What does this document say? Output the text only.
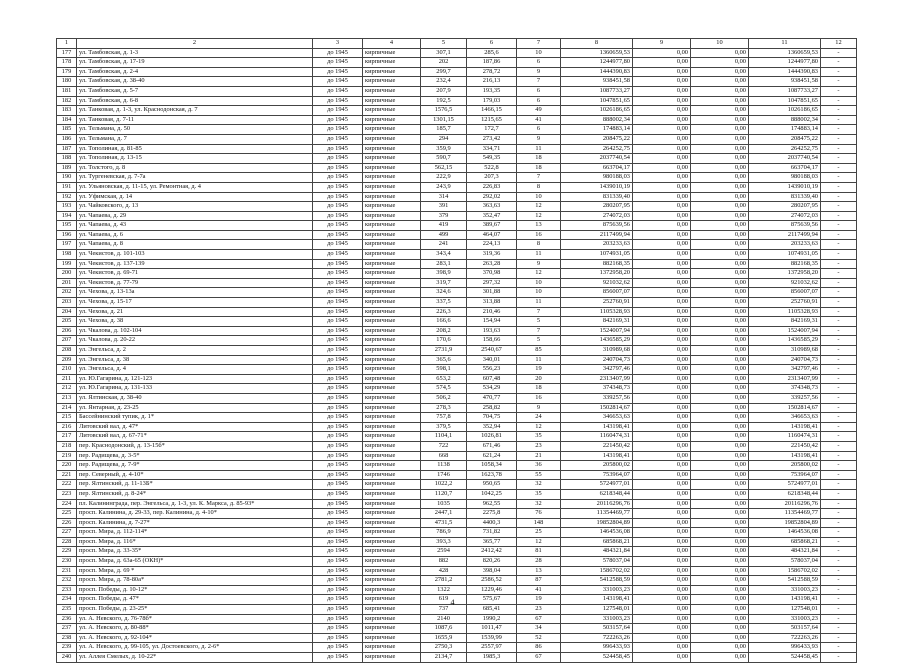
1	2	3	4	5	6	7	8	9	10	11	12
177	ул. Тамбовская, д. 1-3	до 1945	кирпичные	307,1	285,6	10	1360659,53	0,00	0,00	1360659,53	-
178	ул. Тамбовская, д. 17-19	до 1945	кирпичные	202	187,86	6	1244977,80	0,00	0,00	1244977,80	-
179	ул. Тамбовская, д. 2-4	до 1945	кирпичные	299,7	278,72	9	1444390,83	0,00	0,00	1444390,83	-
180	ул. Тамбовская, д. 38-40	до 1945	кирпичные	232,4	216,13	7	938451,58	0,00	0,00	938451,58	-
181	ул. Тамбовская, д. 5-7	до 1945	кирпичные	207,9	193,35	6	1087733,27	0,00	0,00	1087733,27	-
182	ул. Тамбовская, д. 6-8	до 1945	кирпичные	192,5	179,03	6	1047851,65	0,00	0,00	1047851,65	-
183	ул. Танковая, д. 1-3, ул. Краснодонская, д. 7	до 1945	кирпичные	1576,5	1466,15	49	1026186,65	0,00	0,00	1026186,65	-
184	ул. Танковая, д. 7-11	до 1945	кирпичные	1301,15	1215,65	41	888002,34	0,00	0,00	888002,34	-
185	ул. Тельмана, д. 50	до 1945	кирпичные	185,7	172,7	6	174883,14	0,00	0,00	174883,14	-
186	ул. Тельмана, д. 7	до 1945	кирпичные	294	273,42	9	208475,22	0,00	0,00	208475,22	-
187	ул. Тополиная, д. 81-85	до 1945	кирпичные	359,9	334,71	11	264252,75	0,00	0,00	264252,75	-
188	ул. Тополиная, д. 13-15	до 1945	кирпичные	590,7	549,35	18	2037740,54	0,00	0,00	2037740,54	-
189	ул. Толстого, д. 8	до 1945	кирпичные	562,15	522,8	18	663704,17	0,00	0,00	663704,17	-
190	ул. Тургеневская, д. 7-7а	до 1945	кирпичные	222,9	207,3	7	980188,03	0,00	0,00	980188,03	-
191	ул. Ульяновская, д. 11-15, ул. Ремонтная, д. 4	до 1945	кирпичные	243,9	226,83	8	1439010,19	0,00	0,00	1439010,19	-
192	ул. Уфимская, д. 14	до 1945	кирпичные	314	292,02	10	831339,40	0,00	0,00	831339,40	-
193	ул. Чайковского, д. 13	до 1945	кирпичные	391	363,63	12	280207,95	0,00	0,00	280207,95	-
194	ул. Чапаева, д. 29	до 1945	кирпичные	379	352,47	12	274072,03	0,00	0,00	274072,03	-
195	ул. Чапаева, д. 43	до 1945	кирпичные	419	389,67	13	875639,56	0,00	0,00	875639,56	-
196	ул. Чапаева, д. 6	до 1945	кирпичные	499	464,07	16	2117499,94	0,00	0,00	2117499,94	-
197	ул. Чапаева, д. 8	до 1945	кирпичные	241	224,13	8	203233,63	0,00	0,00	203233,63	-
198	ул. Чекистов, д. 101-103	до 1945	кирпичные	343,4	319,36	11	1074931,05	0,00	0,00	1074931,05	-
199	ул. Чекистов, д. 137-139	до 1945	кирпичные	283,1	263,28	9	882168,35	0,00	0,00	882168,35	-
200	ул. Чекистов, д. 69-71	до 1945	кирпичные	398,9	370,98	12	1372958,20	0,00	0,00	1372958,20	-
201	ул. Чекистов, д. 77-79	до 1945	кирпичные	319,7	297,32	10	921032,62	0,00	0,00	921032,62	-
202	ул. Чехова, д. 13-13а	до 1945	кирпичные	324,6	301,88	10	856007,07	0,00	0,00	856007,07	-
203	ул. Чехова, д. 15-17	до 1945	кирпичные	337,5	313,88	11	252760,91	0,00	0,00	252760,91	-
204	ул. Чехова, д. 21	до 1945	кирпичные	226,3	210,46	7	1105328,93	0,00	0,00	1105328,93	-
205	ул. Чехова, д. 38	до 1945	кирпичные	166,6	154,94	5	842169,31	0,00	0,00	842169,31	-
206	ул. Чкалова, д. 102-104	до 1945	кирпичные	208,2	193,63	7	1524007,94	0,00	0,00	1524007,94	-
207	ул. Чкалова, д. 20-22	до 1945	кирпичные	170,6	158,66	5	1436585,29	0,00	0,00	1436585,29	-
208	ул. Энгельса, д. 2	до 1945	кирпичные	2731,9	2540,67	85	310989,68	0,00	0,00	310989,68	-
209	ул. Энгельса, д. 38	до 1945	кирпичные	365,6	340,01	11	240704,73	0,00	0,00	240704,73	-
210	ул. Энгельса, д. 4	до 1945	кирпичные	598,1	556,23	19	342797,46	0,00	0,00	342797,46	-
211	ул. Ю.Гагарина, д. 121-123	до 1945	кирпичные	653,2	607,48	20	2313407,99	0,00	0,00	2313407,99	-
212	ул. Ю.Гагарина, д. 131-133	до 1945	кирпичные	574,5	534,29	18	374348,73	0,00	0,00	374348,73	-
213	ул. Ялтинская, д. 38-40	до 1945	кирпичные	506,2	470,77	16	339257,56	0,00	0,00	339257,56	-
214	ул. Янтарная, д. 23-25	до 1945	кирпичные	278,3	258,82	9	1502814,67	0,00	0,00	1502814,67	-
215	Бассейнинский тупик, д. 1*	до 1945	кирпичные	757,8	704,75	24	346653,63	0,00	0,00	346653,63	-
216	Литовский вал, д. 47*	до 1945	кирпичные	379,5	352,94	12	143198,41	0,00	0,00	143198,41	-
217	Литовский вал, д. 67-71*	до 1945	кирпичные	1104,1	1026,81	35	1160474,31	0,00	0,00	1160474,31	-
218	пер. Краснодонский, д. 13-15б*	до 1945	кирпичные	722	671,46	23	221450,42	0,00	0,00	221450,42	-
219	пер. Радищева, д. 3-5*	до 1945	кирпичные	668	621,24	21	143198,41	0,00	0,00	143198,41	-
220	пер. Радищева, д. 7-9*	до 1945	кирпичные	1138	1058,34	36	205800,02	0,00	0,00	205800,02	-
221	пер. Северный, д. 4-10*	до 1945	кирпичные	1746	1623,78	55	753964,07	0,00	0,00	753964,07	-
222	пер. Ялтинский, д. 11-13Б*	до 1945	кирпичные	1022,2	950,65	32	5724977,01	0,00	0,00	5724977,01	-
223	пер. Ялтинский, д. 8-24*	до 1945	кирпичные	1120,7	1042,25	35	6218348,44	0,00	0,00	6218348,44	-
224	пл. Калининграда, пер. Энгельса, д. 1-3, ул. К. Маркса, д. 85-93*	до 1945	кирпичные	1035	962,55	32	20116296,76	0,00	0,00	20116296,76	-
225	просп. Калинина, д. 29-33, пер. Калинина, д. 4-10*	до 1945	кирпичные	2447,1	2275,8	76	11354469,77	0,00	0,00	11354469,77	-
226	просп. Калинина, д. 7-27*	до 1945	кирпичные	4731,5	4400,3	148	19852804,89	0,00	0,00	19852804,89	-
227	просп. Мира, д. 112-114*	до 1945	кирпичные	786,9	731,82	25	1464536,08	0,00	0,00	1464536,08	-
228	просп. Мира, д. 116*	до 1945	кирпичные	393,3	365,77	12	685868,21	0,00	0,00	685868,21	-
229	просп. Мира, д. 33-35*	до 1945	кирпичные	2594	2412,42	81	484321,84	0,00	0,00	484321,84	-
230	просп. Мира, д. 63а-65 (ОКН)*	до 1945	кирпичные	882	820,26	28	578037,04	0,00	0,00	578037,04	-
231	просп. Мира, д. 69 *	до 1945	кирпичные	428	398,04	13	1586702,02	0,00	0,00	1586702,02	-
232	просп. Мира, д. 78-80а*	до 1945	кирпичные	2781,2	2586,52	87	5412588,59	0,00	0,00	5412588,59	-
233	просп. Победы, д. 10-12*	до 1945	кирпичные	1322	1229,46	41	331003,23	0,00	0,00	331003,23	-
234	просп. Победы, д. 47*	до 1945	кирпичные	619	575,67	19	143198,41	0,00	0,00	143198,41	-
235	просп. Победы, д. 23-25*	до 1945	кирпичные	737	685,41	23	127548,01	0,00	0,00	127548,01	-
236	ул. А. Невского, д. 76-78б*	до 1945	кирпичные	2140	1990,2	67	331003,23	0,00	0,00	331003,23	-
237	ул. А. Невского, д. 80-88*	до 1945	кирпичные	1087,6	1011,47	34	503157,64	0,00	0,00	503157,64	-
238	ул. А. Невского, д. 92-104*	до 1945	кирпичные	1655,9	1539,99	52	722263,26	0,00	0,00	722263,26	-
239	ул. А. Невского, д. 99-105, ул. Достоевского, д. 2-6*	до 1945	кирпичные	2750,3	2557,97	86	996433,93	0,00	0,00	996433,93	-
240	ул. Аллея Смелых, д. 10-22*	до 1945	кирпичные	2134,7	1985,3	67	524458,45	0,00	0,00	524458,45	-
4
